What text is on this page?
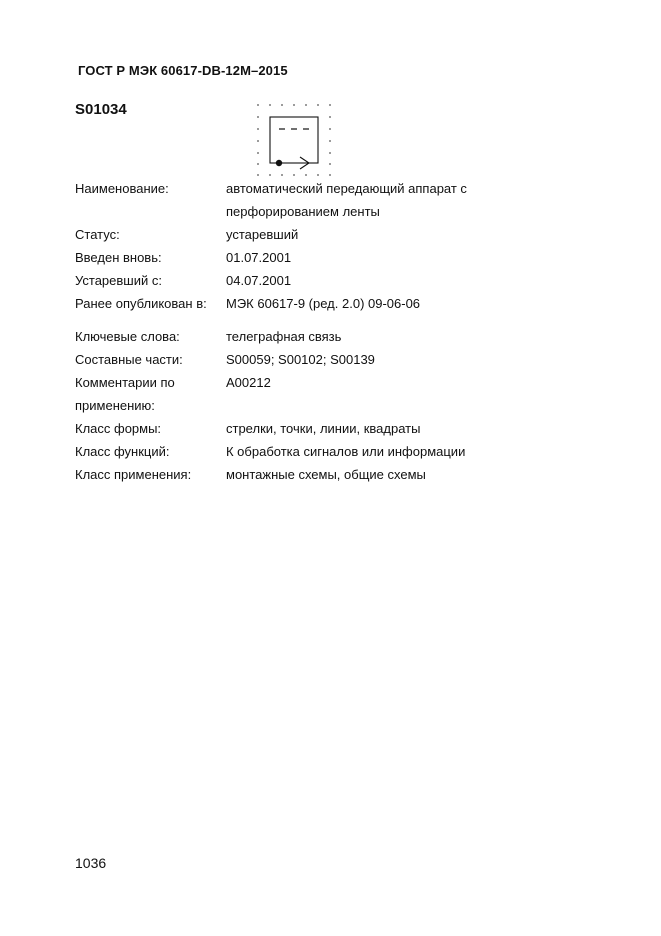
ГОСТ Р МЭК 60617-DB-12M–2015
S01034
Наименование:	автоматический передающий аппарат с
перфорированием ленты
Статус:	устаревший
Введен вновь:	01.07.2001
Устаревший с:	04.07.2001
Ранее опубликован в: МЭК 60617-9 (ред. 2.0) 09-06-06
Ключевые слова:	телеграфная связь
Составные части:	S00059; S00102; S00139
Комментарии по
применению:
A00212
Класс формы:	стрелки, точки, линии, квадраты
Класс функций:	К обработка сигналов или информации
Класс применения:	монтажные схемы, общие схемы
1036
